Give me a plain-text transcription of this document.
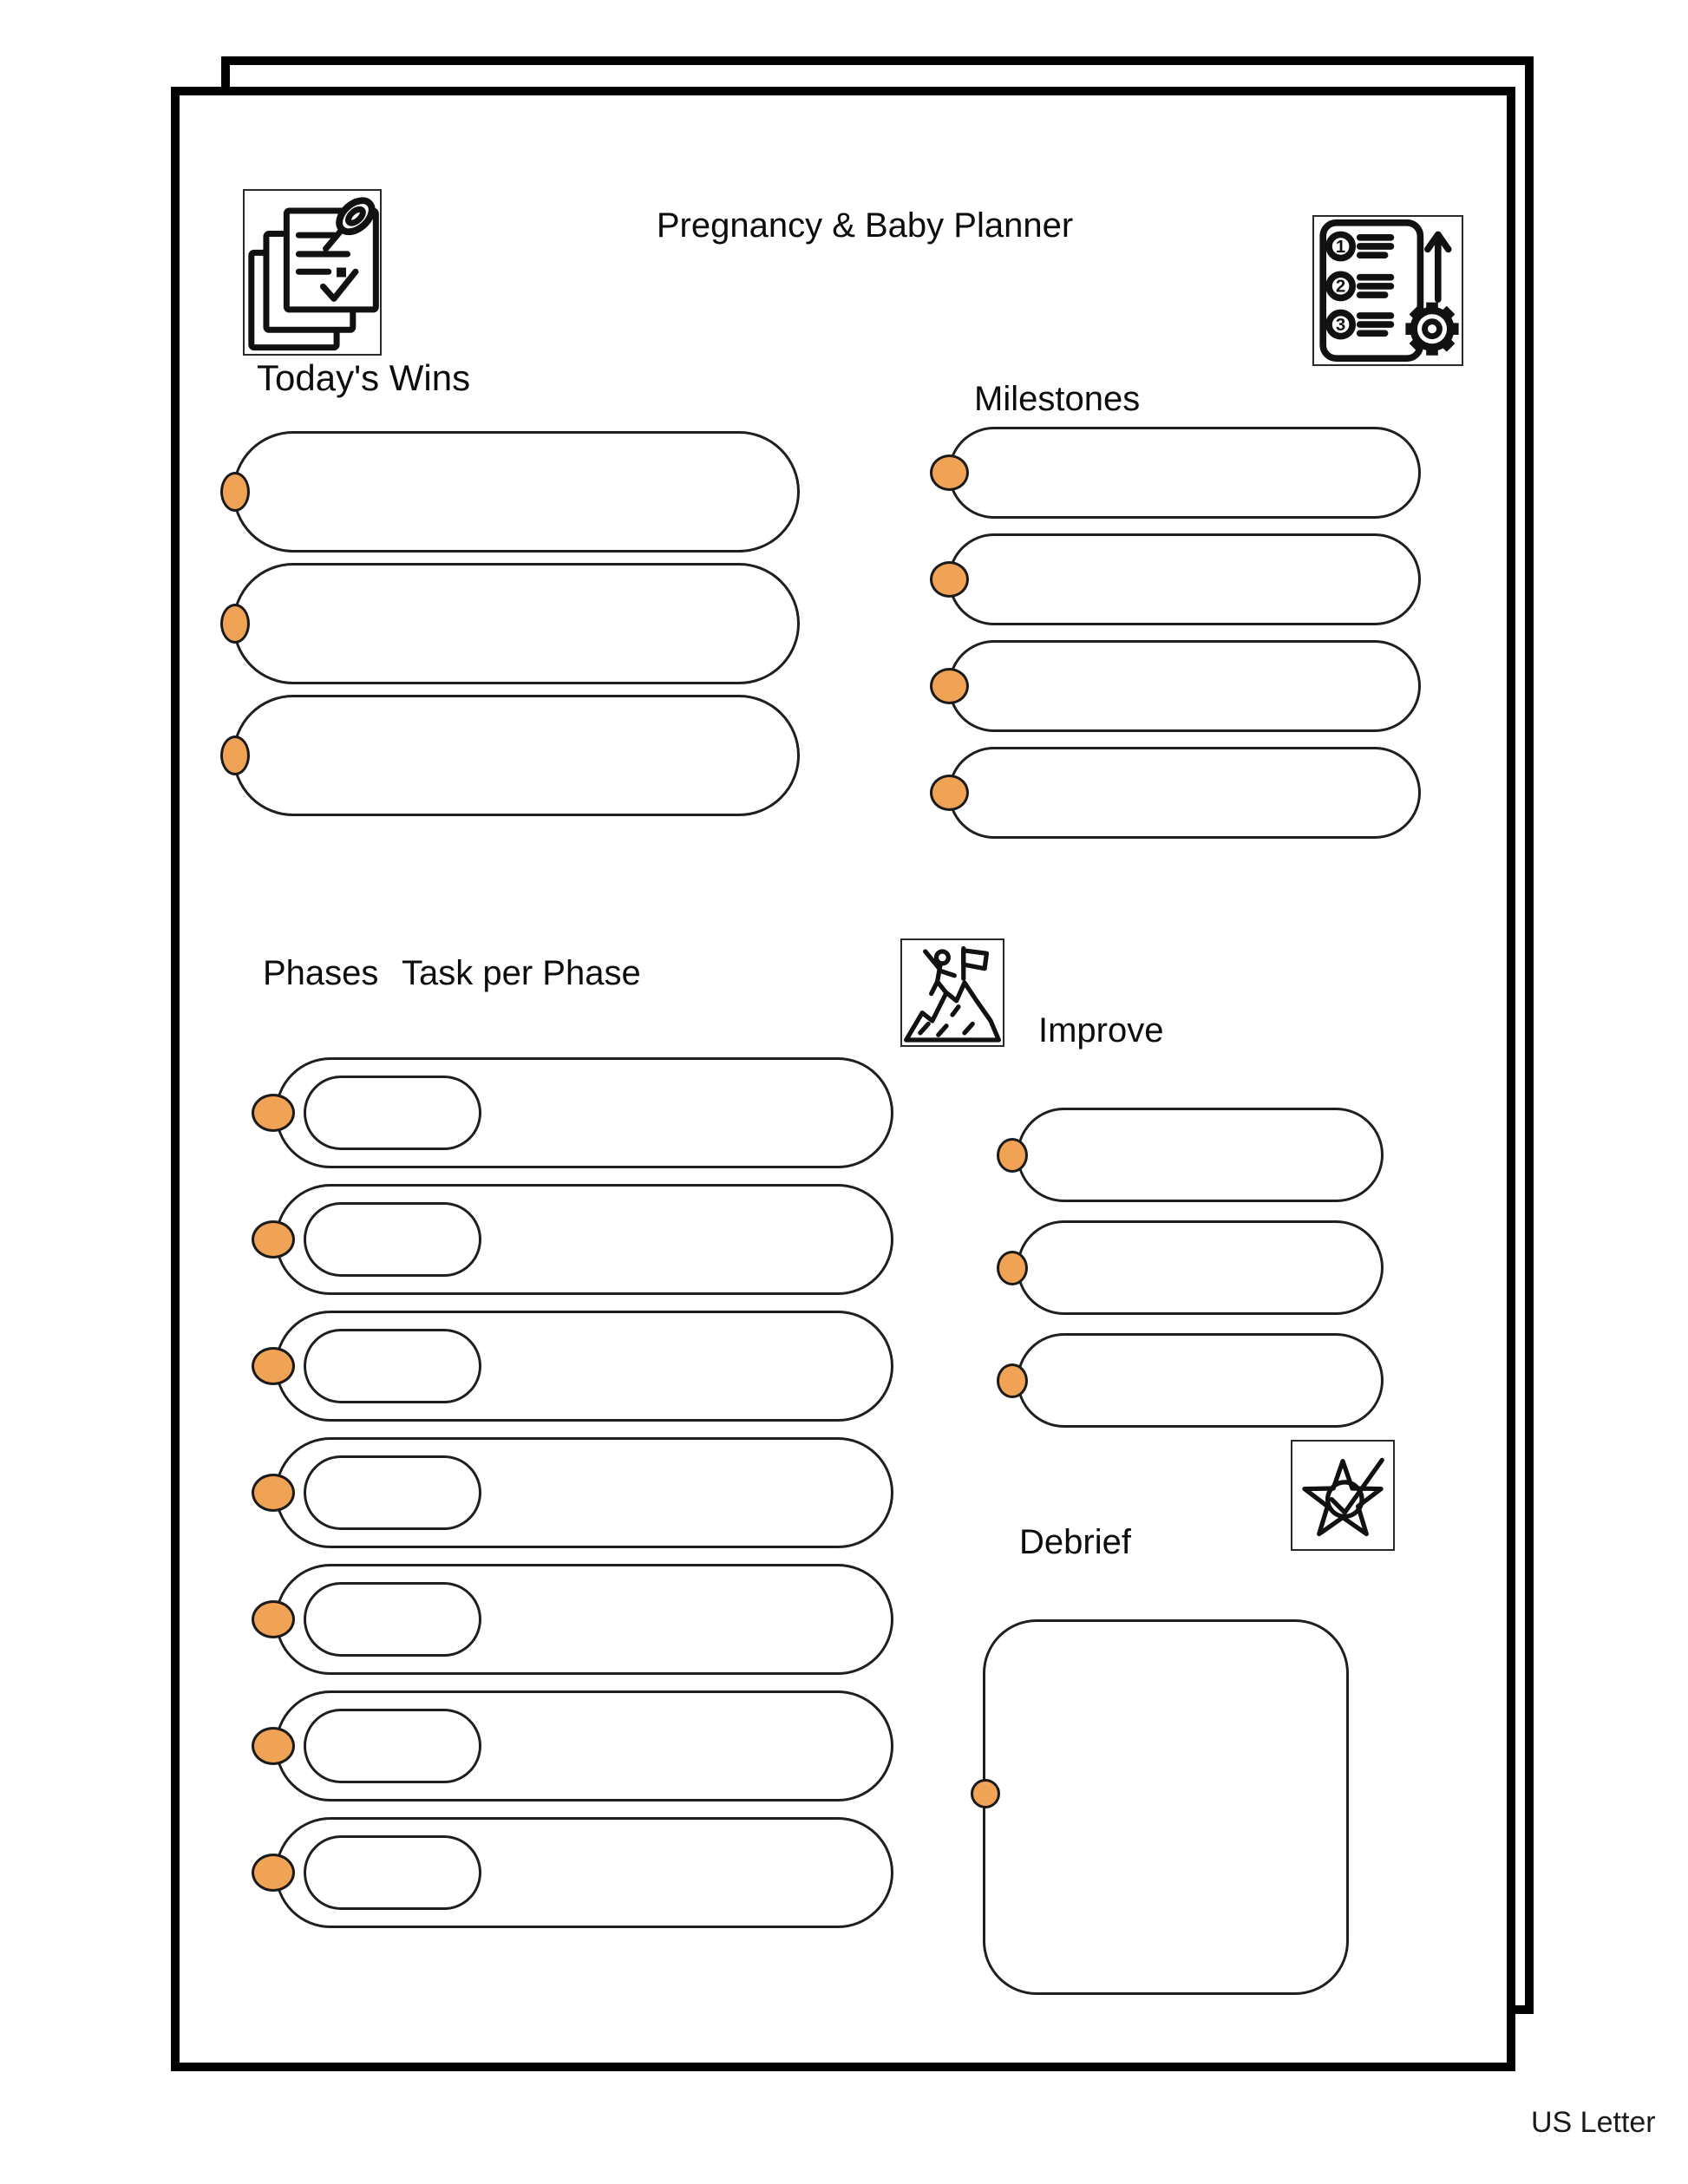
Pregnancy & Baby Planner
1
2
3
Today's Wins
Milestones
Phases Task per Phase
Improve
Debrief
US Letter
